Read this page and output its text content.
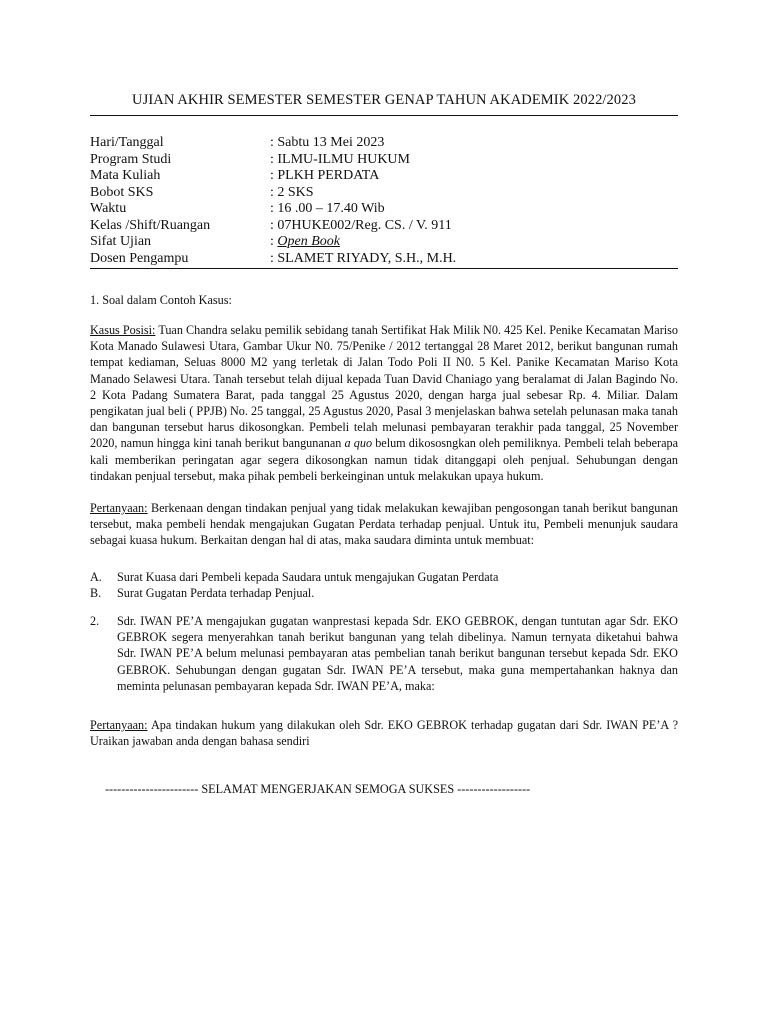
UJIAN AKHIR SEMESTER SEMESTER GENAP TAHUN AKADEMIK 2022/2023
Hari/Tanggal	: Sabtu 13 Mei 2023
Program Studi	: ILMU-ILMU HUKUM
Mata Kuliah	: PLKH PERDATA
Bobot SKS	: 2 SKS
Waktu	: 16 .00 – 17.40 Wib
Kelas /Shift/Ruangan	: 07HUKE002/Reg. CS. / V. 911
Sifat Ujian	: Open Book
Dosen Pengampu	: SLAMET RIYADY, S.H., M.H.
1. Soal dalam Contoh Kasus:
Kasus Posisi: Tuan Chandra selaku pemilik sebidang tanah Sertifikat Hak Milik N0. 425 Kel. Penike Kecamatan Mariso Kota Manado Sulawesi Utara, Gambar Ukur N0. 75/Penike / 2012 tertanggal 28 Maret 2012, berikut bangunan rumah tempat kediaman, Seluas 8000 M2 yang terletak di Jalan Todo Poli II N0. 5 Kel. Panike Kecamatan Mariso Kota Manado Selawesi Utara. Tanah tersebut telah dijual kepada Tuan David Chaniago yang beralamat di Jalan Bagindo No. 2 Kota Padang Sumatera Barat, pada tanggal 25 Agustus 2020, dengan harga jual sebesar Rp. 4. Miliar. Dalam pengikatan jual beli ( PPJB) No. 25 tanggal, 25 Agustus 2020, Pasal 3 menjelaskan bahwa setelah pelunasan maka tanah dan bangunan tersebut harus dikosongkan. Pembeli telah melunasi pembayaran terakhir pada tanggal, 25 November 2020, namun hingga kini tanah berikut bangunanan a quo belum dikososngkan oleh pemiliknya. Pembeli telah beberapa kali memberikan peringatan agar segera dikosongkan namun tidak ditanggapi oleh penjual. Sehubungan dengan tindakan penjual tersebut, maka pihak pembeli berkeinginan untuk melakukan upaya hukum.
Pertanyaan: Berkenaan dengan tindakan penjual yang tidak melakukan kewajiban pengosongan tanah berikut bangunan tersebut, maka pembeli hendak mengajukan Gugatan Perdata terhadap penjual. Untuk itu, Pembeli menunjuk saudara sebagai kuasa hukum. Berkaitan dengan hal di atas, maka saudara diminta untuk membuat:
A.	Surat Kuasa dari Pembeli kepada Saudara untuk mengajukan Gugatan Perdata
B.	Surat Gugatan Perdata terhadap Penjual.
2.	Sdr. IWAN PE’A mengajukan gugatan wanprestasi kepada Sdr. EKO GEBROK, dengan tuntutan agar Sdr. EKO GEBROK segera menyerahkan tanah berikut bangunan yang telah dibelinya. Namun ternyata diketahui bahwa Sdr. IWAN PE’A belum melunasi pembayaran atas pembelian tanah berikut bangunan tersebut kepada Sdr. EKO GEBROK. Sehubungan dengan gugatan Sdr. IWAN PE’A tersebut, maka guna mempertahankan haknya dan meminta pelunasan pembayaran kepada Sdr. IWAN PE’A, maka:
Pertanyaan: Apa tindakan hukum yang dilakukan oleh Sdr. EKO GEBROK terhadap gugatan dari Sdr. IWAN PE’A ? Uraikan jawaban anda dengan bahasa sendiri
----------------------- SELAMAT MENGERJAKAN SEMOGA SUKSES ------------------
